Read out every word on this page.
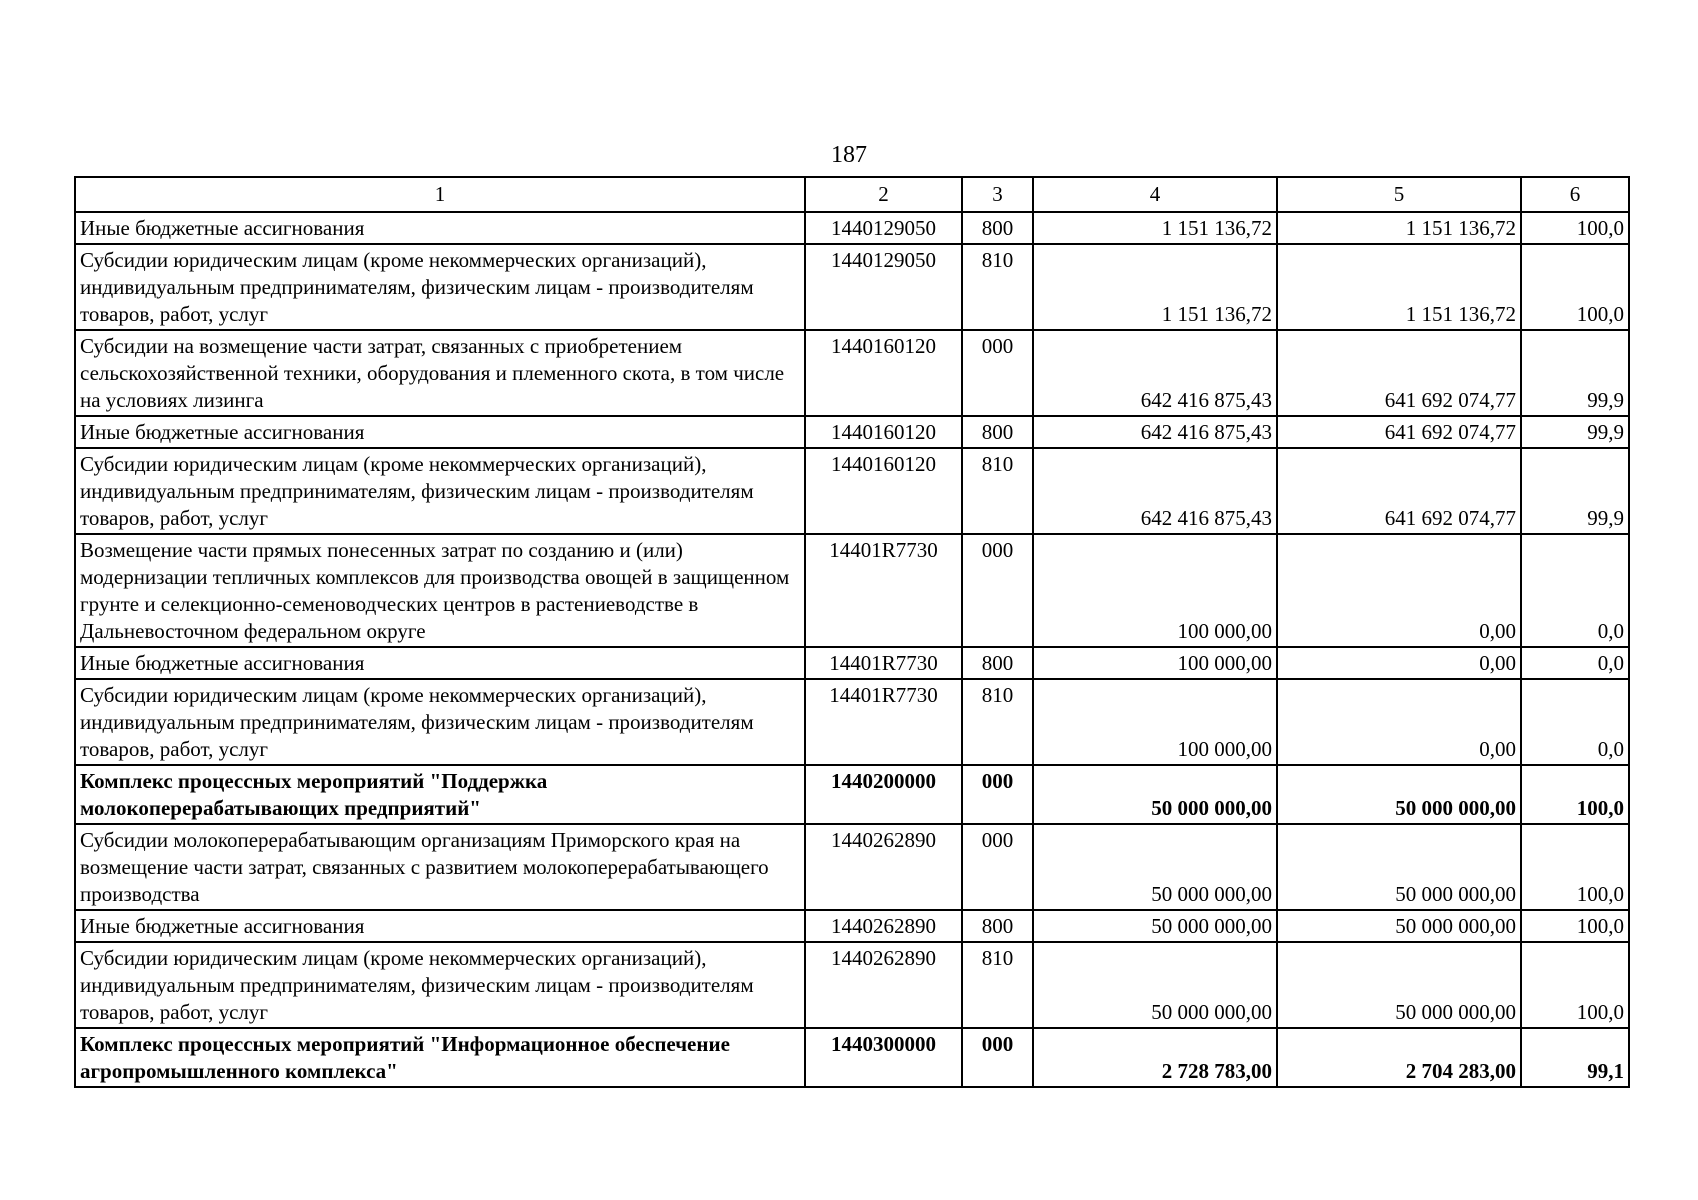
187
1	2	3	4	5	6
Иные бюджетные ассигнования	1440129050	800	1 151 136,72	1 151 136,72	100,0
Субсидии юридическим лицам (кроме некоммерческих организаций), индивидуальным предпринимателям, физическим лицам - производителям товаров, работ, услуг	1440129050	810	1 151 136,72	1 151 136,72	100,0
Субсидии на возмещение части затрат, связанных с приобретением сельскохозяйственной техники, оборудования и племенного скота, в том числе на условиях лизинга	1440160120	000	642 416 875,43	641 692 074,77	99,9
Иные бюджетные ассигнования	1440160120	800	642 416 875,43	641 692 074,77	99,9
Субсидии юридическим лицам (кроме некоммерческих организаций), индивидуальным предпринимателям, физическим лицам - производителям товаров, работ, услуг	1440160120	810	642 416 875,43	641 692 074,77	99,9
Возмещение части прямых понесенных затрат по созданию и (или) модернизации тепличных комплексов для производства овощей в защищенном грунте и селекционно-семеноводческих центров в растениеводстве в Дальневосточном федеральном округе	14401R7730	000	100 000,00	0,00	0,0
Иные бюджетные ассигнования	14401R7730	800	100 000,00	0,00	0,0
Субсидии юридическим лицам (кроме некоммерческих организаций), индивидуальным предпринимателям, физическим лицам - производителям товаров, работ, услуг	14401R7730	810	100 000,00	0,00	0,0
Комплекс процессных мероприятий "Поддержка молокоперерабатывающих предприятий"	1440200000	000	50 000 000,00	50 000 000,00	100,0
Субсидии молокоперерабатывающим организациям Приморского края на возмещение части затрат, связанных с развитием молокоперерабатывающего производства	1440262890	000	50 000 000,00	50 000 000,00	100,0
Иные бюджетные ассигнования	1440262890	800	50 000 000,00	50 000 000,00	100,0
Субсидии юридическим лицам (кроме некоммерческих организаций), индивидуальным предпринимателям, физическим лицам - производителям товаров, работ, услуг	1440262890	810	50 000 000,00	50 000 000,00	100,0
Комплекс процессных мероприятий "Информационное обеспечение агропромышленного комплекса"	1440300000	000	2 728 783,00	2 704 283,00	99,1
